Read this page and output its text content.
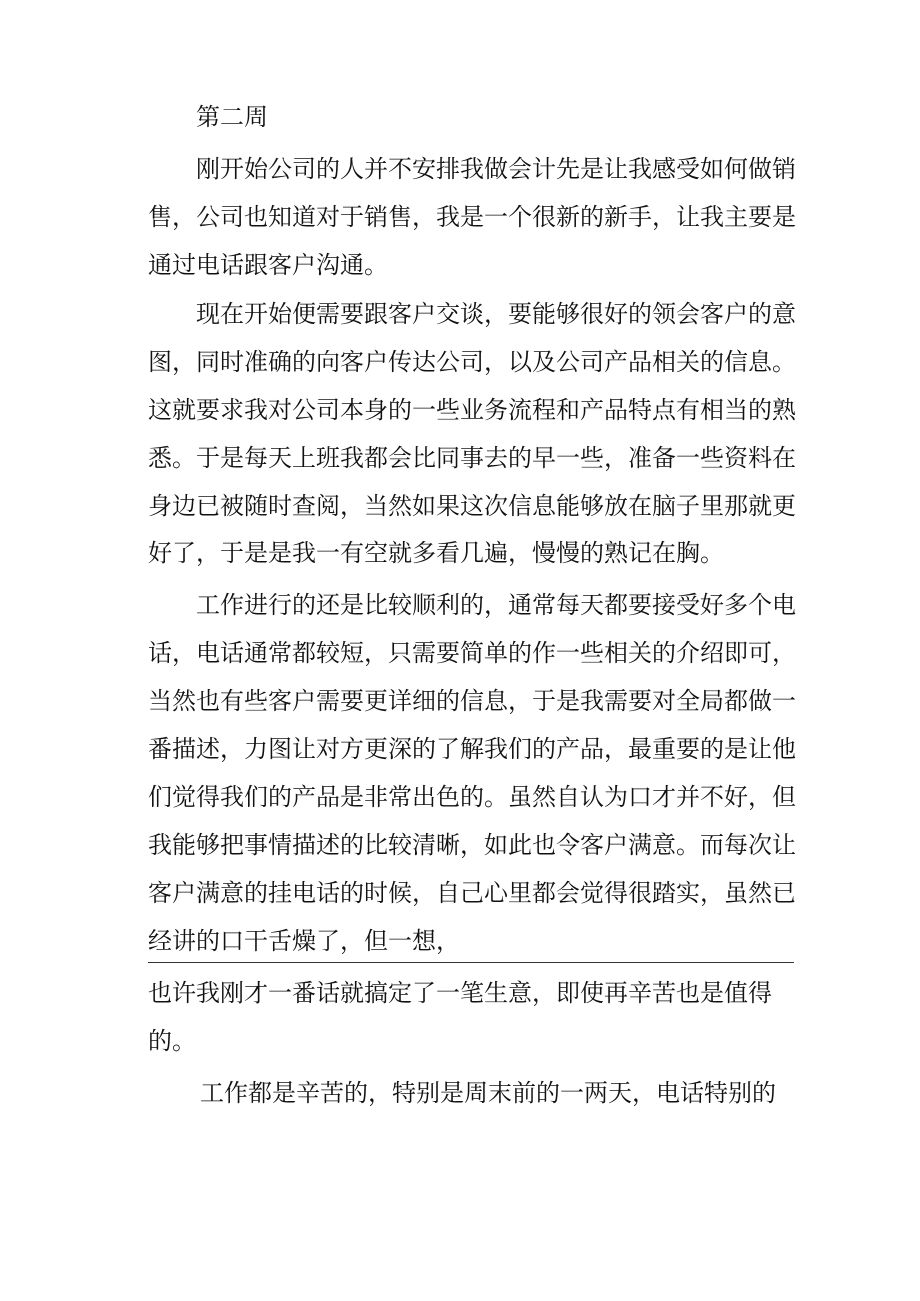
第二周

刚开始公司的人并不安排我做会计先是让我感受如何做销

售，公司也知道对于销售，我是一个很新的新手，让我主要是

通过电话跟客户沟通。

现在开始便需要跟客户交谈，要能够很好的领会客户的意

图，同时准确的向客户传达公司，以及公司产品相关的信息。

这就要求我对公司本身的一些业务流程和产品特点有相当的熟

悉。于是每天上班我都会比同事去的早一些，准备一些资料在

身边已被随时查阅，当然如果这次信息能够放在脑子里那就更

好了，于是是我一有空就多看几遍，慢慢的熟记在胸。

工作进行的还是比较顺利的，通常每天都要接受好多个电

话，电话通常都较短，只需要简单的作一些相关的介绍即可，

当然也有些客户需要更详细的信息，于是我需要对全局都做一

番描述，力图让对方更深的了解我们的产品，最重要的是让他

们觉得我们的产品是非常出色的。虽然自认为口才并不好，但

我能够把事情描述的比较清晰，如此也令客户满意。而每次让

客户满意的挂电话的时候，自己心里都会觉得很踏实，虽然已

经讲的口干舌燥了，但一想，

也许我刚才一番话就搞定了一笔生意，即使再辛苦也是值得

的。

工作都是辛苦的，特别是周末前的一两天，电话特别的
